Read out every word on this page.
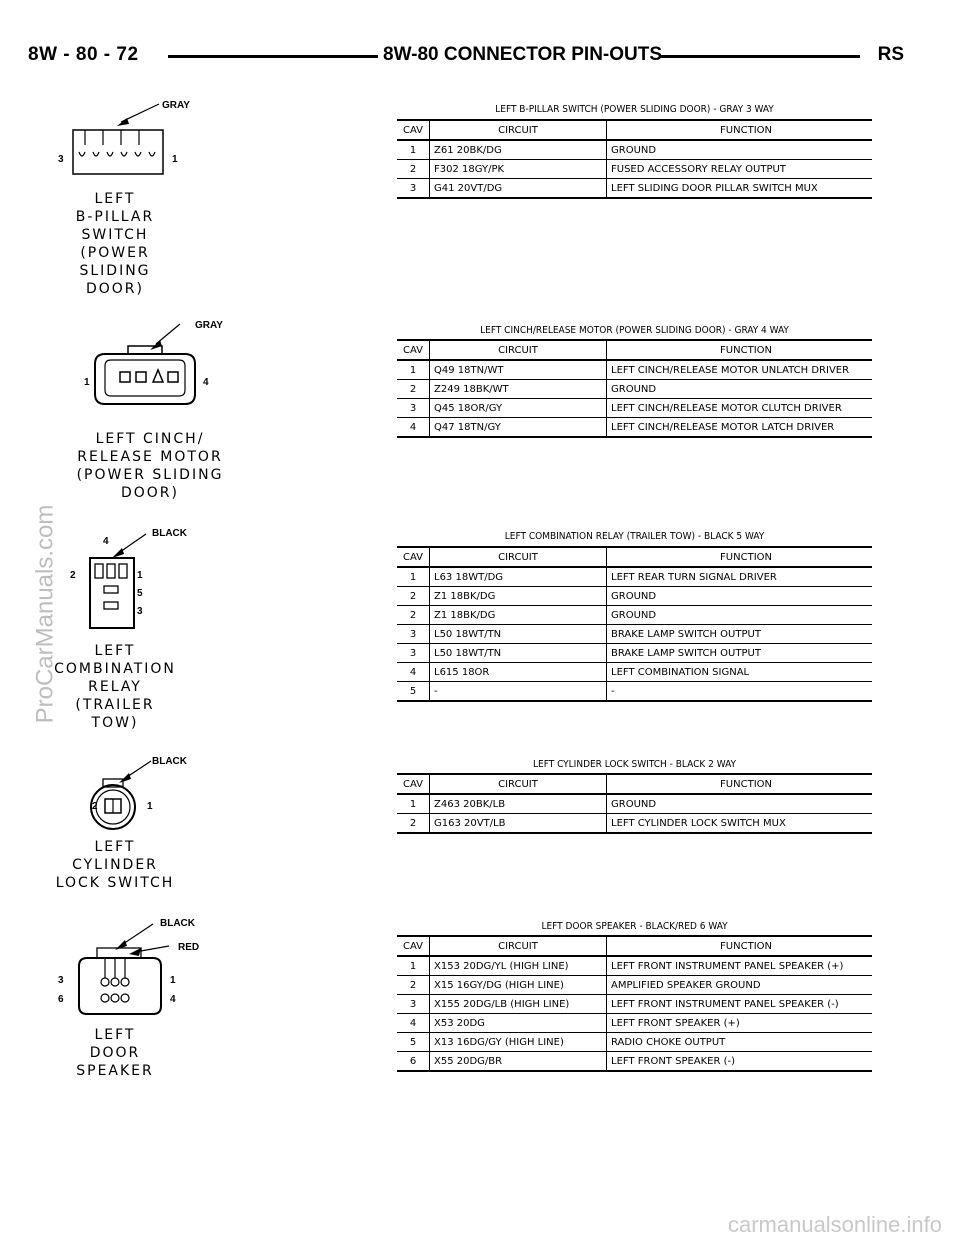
8W - 80 - 72	8W-80 CONNECTOR PIN-OUTS	RS
ProCarManuals.com
carmanualsonline.info
GRAY
3	1
LEFT
B-PILLAR
SWITCH
(POWER
SLIDING DOOR)
LEFT B-PILLAR SWITCH (POWER SLIDING DOOR) - GRAY 3 WAY
CAV	CIRCUIT	FUNCTION
1	Z61 20BK/DG	GROUND
2	F302 18GY/PK	FUSED ACCESSORY RELAY OUTPUT
3	G41 20VT/DG	LEFT SLIDING DOOR PILLAR SWITCH MUX
GRAY
1	4
LEFT CINCH/
RELEASE MOTOR
(POWER SLIDING DOOR)
LEFT CINCH/RELEASE MOTOR (POWER SLIDING DOOR) - GRAY 4 WAY
CAV	CIRCUIT	FUNCTION
1	Q49 18TN/WT	LEFT CINCH/RELEASE MOTOR UNLATCH DRIVER
2	Z249 18BK/WT	GROUND
3	Q45 18OR/GY	LEFT CINCH/RELEASE MOTOR CLUTCH DRIVER
4	Q47 18TN/GY	LEFT CINCH/RELEASE MOTOR LATCH DRIVER
BLACK
4
2	1
5
3
LEFT
COMBINATION
RELAY
(TRAILER TOW)
LEFT COMBINATION RELAY (TRAILER TOW) - BLACK 5 WAY
CAV	CIRCUIT	FUNCTION
1	L63 18WT/DG	LEFT REAR TURN SIGNAL DRIVER
2	Z1 18BK/DG	GROUND
2	Z1 18BK/DG	GROUND
3	L50 18WT/TN	BRAKE LAMP SWITCH OUTPUT
3	L50 18WT/TN	BRAKE LAMP SWITCH OUTPUT
4	L615 18OR	LEFT COMBINATION SIGNAL
5	-	-
BLACK
2	1
LEFT CYLINDER
LOCK SWITCH
LEFT CYLINDER LOCK SWITCH - BLACK 2 WAY
CAV	CIRCUIT	FUNCTION
1	Z463 20BK/LB	GROUND
2	G163 20VT/LB	LEFT CYLINDER LOCK SWITCH MUX
BLACK
RED
3	1
6	4
LEFT
DOOR
SPEAKER
LEFT DOOR SPEAKER - BLACK/RED 6 WAY
CAV	CIRCUIT	FUNCTION
1	X153 20DG/YL (HIGH LINE)	LEFT FRONT INSTRUMENT PANEL SPEAKER (+)
2	X15 16GY/DG (HIGH LINE)	AMPLIFIED SPEAKER GROUND
3	X155 20DG/LB (HIGH LINE)	LEFT FRONT INSTRUMENT PANEL SPEAKER (-)
4	X53 20DG	LEFT FRONT SPEAKER (+)
5	X13 16DG/GY (HIGH LINE)	RADIO CHOKE OUTPUT
6	X55 20DG/BR	LEFT FRONT SPEAKER (-)
